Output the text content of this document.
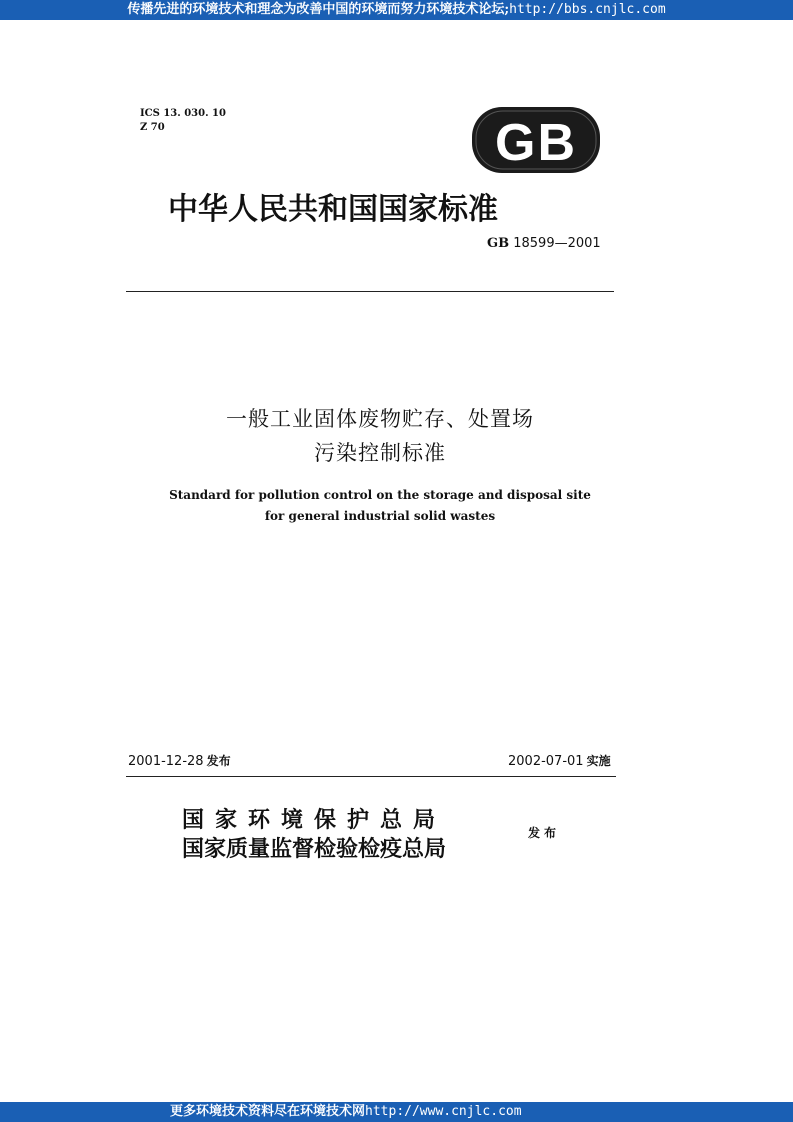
传播先进的环境技术和理念为改善中国的环境而努力环境技术论坛;http://bbs.cnjlc.com
ICS 13. 030. 10
Z 70	GB
中华人民共和国国家标准
GB 18599—2001
一般工业固体废物贮存、处置场
污染控制标准
Standard for pollution control on the storage and disposal site
for general industrial solid wastes
2001-12-28 发布	2002-07-01 实施
国家环境保护总局
国家质量监督检验检疫总局
发布
更多环境技术资料尽在环境技术网http://www.cnjlc.com
